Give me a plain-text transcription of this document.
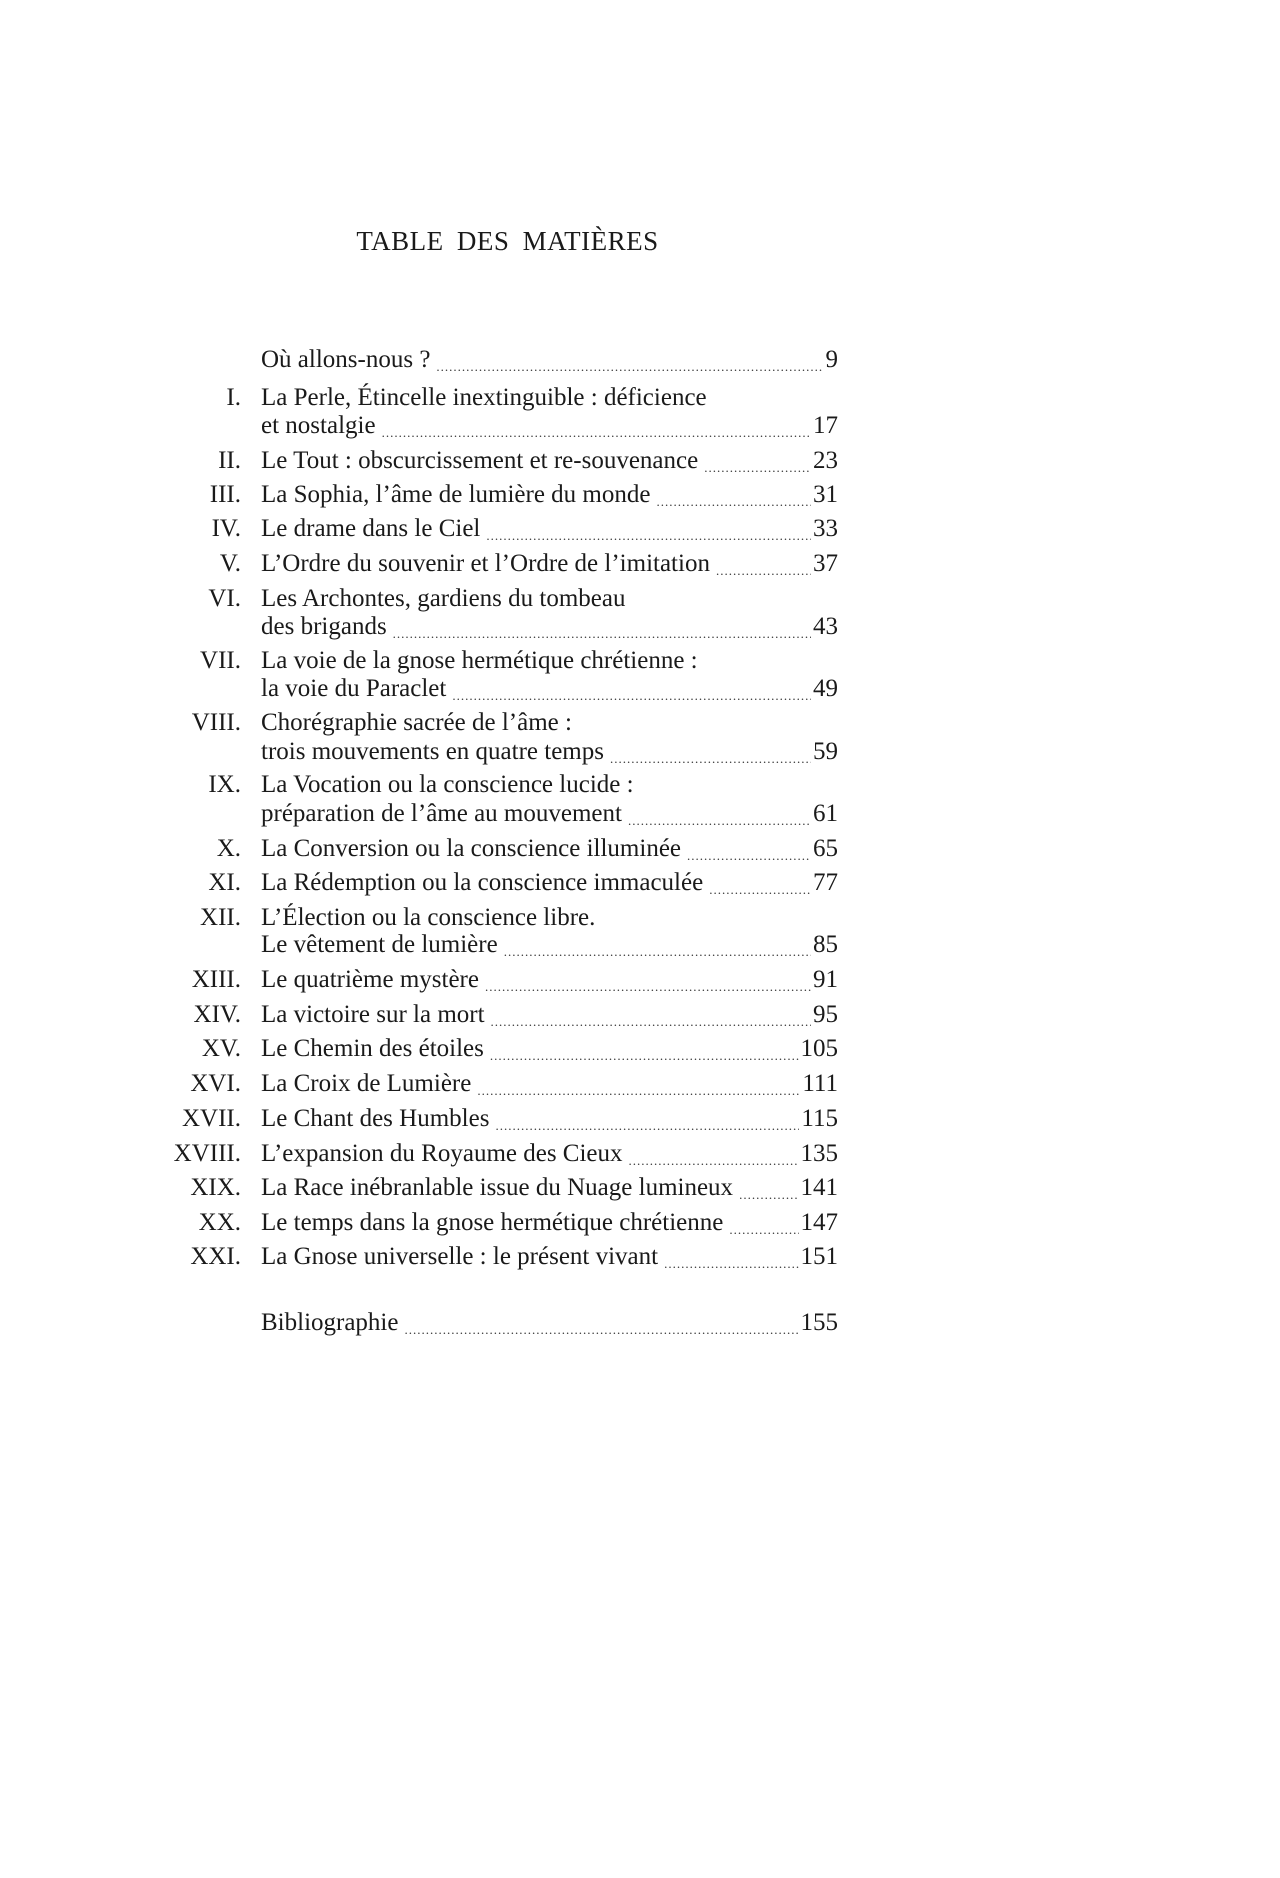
TABLE DES MATIÈRES
Où allons-nous ? .....	9
I. La Perle, Étincelle inextinguible : déficience
et nostalgie .....	17
II. Le Tout : obscurcissement et re-souvenance .....	23
III. La Sophia, l’âme de lumière du monde .....	31
IV. Le drame dans le Ciel .....	33
V. L’Ordre du souvenir et l’Ordre de l’imitation .....	37
VI. Les Archontes, gardiens du tombeau
des brigands .....	43
VII. La voie de la gnose hermétique chrétienne :
la voie du Paraclet .....	49
VIII. Chorégraphie sacrée de l’âme :
trois mouvements en quatre temps .....	59
IX. La Vocation ou la conscience lucide :
préparation de l’âme au mouvement .....	61
X. La Conversion ou la conscience illuminée .....	65
XI. La Rédemption ou la conscience immaculée .....	77
XII. L’Élection ou la conscience libre.
Le vêtement de lumière .....	85
XIII. Le quatrième mystère .....	91
XIV. La victoire sur la mort .....	95
XV. Le Chemin des étoiles .....	105
XVI. La Croix de Lumière .....	111
XVII. Le Chant des Humbles .....	115
XVIII. L’expansion du Royaume des Cieux .....	135
XIX. La Race inébranlable issue du Nuage lumineux .....	141
XX. Le temps dans la gnose hermétique chrétienne .....	147
XXI. La Gnose universelle : le présent vivant .....	151
Bibliographie .....	155
